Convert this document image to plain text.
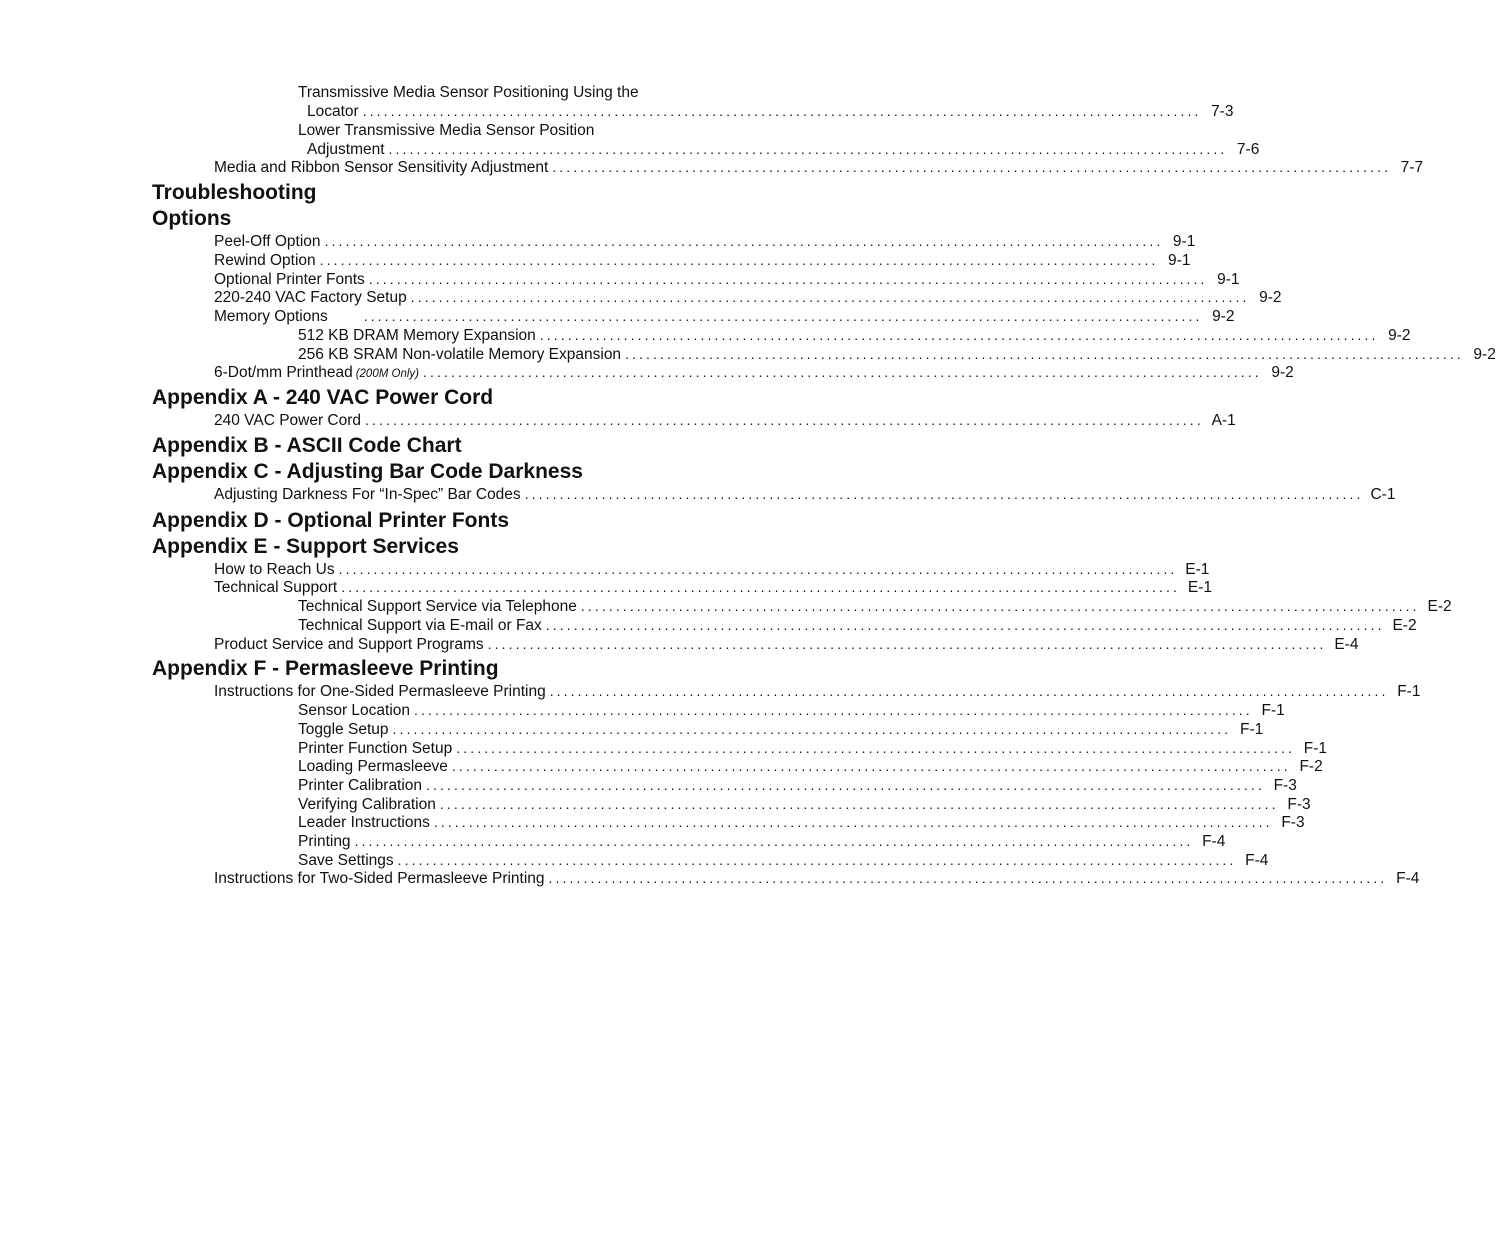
Transmissive Media Sensor Positioning Using the
Locator ........................................................................................................................ 7-3
Lower Transmissive Media Sensor Position
Adjustment ........................................................................................................................ 7-6
Media and Ribbon Sensor Sensitivity Adjustment ........................................................................................................................ 7-7
Troubleshooting
Options
Peel-Off Option ........................................................................................................................ 9-1
Rewind Option ........................................................................................................................ 9-1
Optional Printer Fonts ........................................................................................................................ 9-1
220-240 VAC Factory Setup ........................................................................................................................ 9-2
Memory Options	........................................................................................................................ 9-2
512 KB DRAM Memory Expansion ........................................................................................................................ 9-2
256 KB SRAM Non-volatile Memory Expansion ........................................................................................................................ 9-2
6-Dot/mm Printhead (200M Only) ........................................................................................................................ 9-2
Appendix A - 240 VAC Power Cord
240 VAC Power Cord ........................................................................................................................ A-1
Appendix B - ASCII Code Chart
Appendix C - Adjusting Bar Code Darkness
Adjusting Darkness For “In-Spec” Bar Codes ........................................................................................................................ C-1
Appendix D - Optional Printer Fonts
Appendix E - Support Services
How to Reach Us ........................................................................................................................ E-1
Technical Support ........................................................................................................................ E-1
Technical Support Service via Telephone ........................................................................................................................ E-2
Technical Support via E-mail or Fax ........................................................................................................................ E-2
Product Service and Support Programs ........................................................................................................................ E-4
Appendix F - Permasleeve Printing
Instructions for One-Sided Permasleeve Printing ........................................................................................................................ F-1
Sensor Location ........................................................................................................................ F-1
Toggle Setup ........................................................................................................................ F-1
Printer Function Setup ........................................................................................................................ F-1
Loading Permasleeve ........................................................................................................................ F-2
Printer Calibration ........................................................................................................................ F-3
Verifying Calibration ........................................................................................................................ F-3
Leader Instructions ........................................................................................................................ F-3
Printing ........................................................................................................................ F-4
Save Settings ........................................................................................................................ F-4
Instructions for Two-Sided Permasleeve Printing ........................................................................................................................ F-4
